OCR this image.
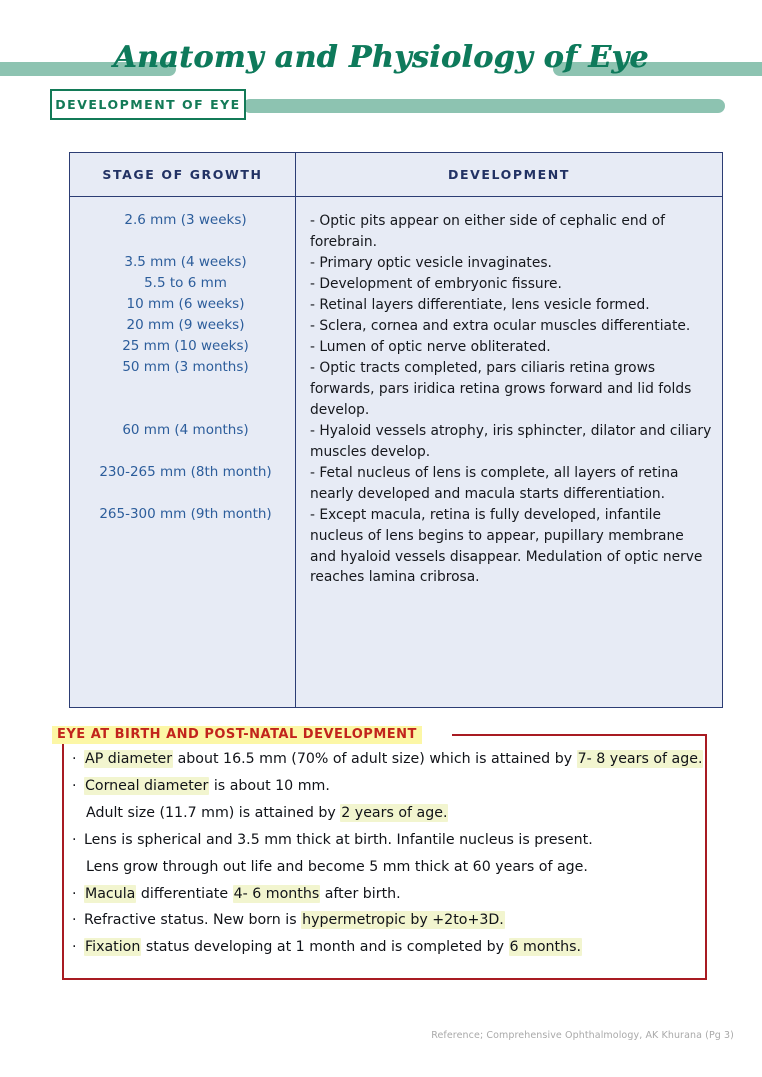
Anatomy and Physiology of Eye
DEVELOPMENT OF EYE
STAGE OF GROWTH	DEVELOPMENT
2.6 mm (3 weeks)
3.5 mm (4 weeks)
5.5 to 6 mm
10 mm (6 weeks)
20 mm (9 weeks)
25 mm (10 weeks)
50 mm (3 months)
60 mm (4 months)
230-265 mm (8th month)
265-300 mm (9th month)
- Optic pits appear on either side of cephalic end of forebrain.
- Primary optic vesicle invaginates.
- Development of embryonic fissure.
- Retinal layers differentiate, lens vesicle formed.
- Sclera, cornea and extra ocular muscles differentiate.
- Lumen of optic nerve obliterated.
- Optic tracts completed, pars ciliaris retina grows forwards, pars iridica retina grows forward and lid folds develop.
- Hyaloid vessels atrophy, iris sphincter, dilator and ciliary muscles develop.
- Fetal nucleus of lens is complete, all layers of retina nearly developed and macula starts differentiation.
- Except macula, retina is fully developed, infantile nucleus of lens begins to appear, pupillary membrane and hyaloid vessels disappear. Medulation of optic nerve reaches lamina cribrosa.
EYE AT BIRTH AND POST-NATAL DEVELOPMENT
· AP diameter about 16.5 mm (70% of adult size) which is attained by 7- 8 years of age.
· Corneal diameter is about 10 mm.
Adult size (11.7 mm) is attained by 2 years of age.
· Lens is spherical and 3.5 mm thick at birth. Infantile nucleus is present.
Lens grow through out life and become 5 mm thick at 60 years of age.
· Macula differentiate 4- 6 months after birth.
· Refractive status. New born is hypermetropic by +2to+3D.
· Fixation status developing at 1 month and is completed by 6 months.
Reference; Comprehensive Ophthalmology, AK Khurana (Pg 3)
